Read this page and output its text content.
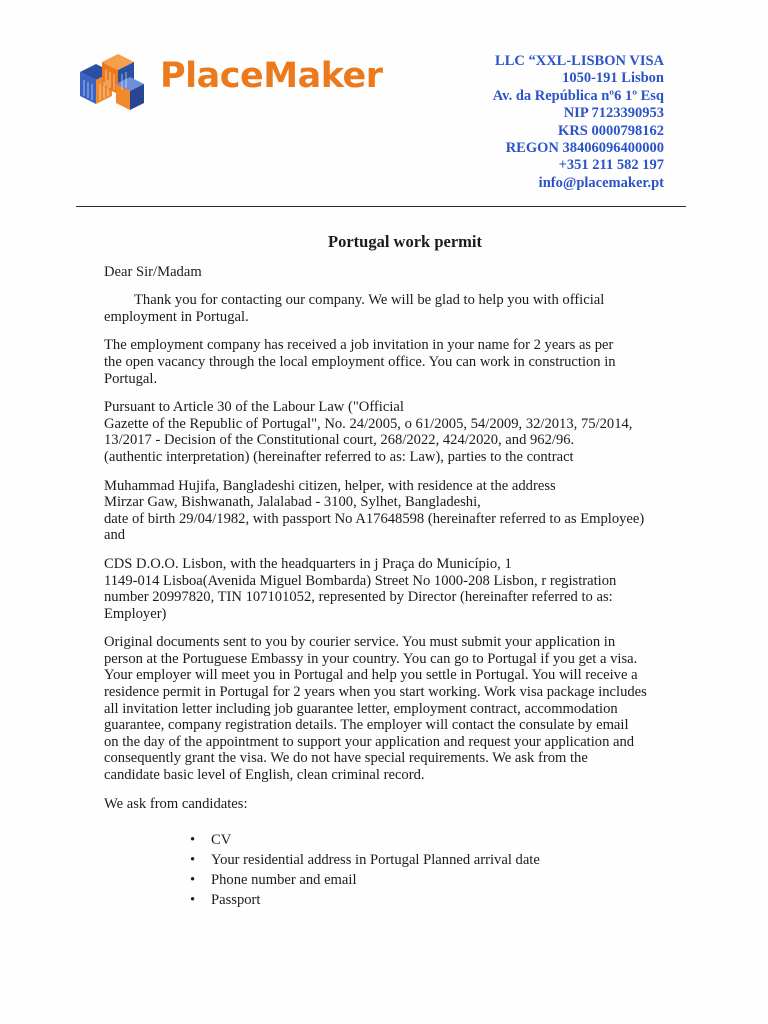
PlaceMaker	LLC “XXL-LISBON VISA
1050-191 Lisbon
Av. da República nº6 1º Esq
NIP 7123390953
KRS 0000798162
REGON 38406096400000
+351 211 582 197
info@placemaker.pt
Portugal work permit
Dear Sir/Madam
Thank you for contacting our company. We will be glad to help you with official
employment in Portugal.
The employment company has received a job invitation in your name for 2 years as per
the open vacancy through the local employment office. You can work in construction in
Portugal.
Pursuant to Article 30 of the Labour Law ("Official
Gazette of the Republic of Portugal", No. 24/2005, o 61/2005, 54/2009, 32/2013, 75/2014,
13/2017 - Decision of the Constitutional court, 268/2022, 424/2020, and 962/96.
(authentic interpretation) (hereinafter referred to as: Law), parties to the contract
Muhammad Hujifa, Bangladeshi citizen, helper, with residence at the address
Mirzar Gaw, Bishwanath, Jalalabad - 3100, Sylhet, Bangladeshi,
date of birth 29/04/1982, with passport No A17648598 (hereinafter referred to as Employee)
and
CDS D.O.O. Lisbon, with the headquarters in j Praça do Município, 1
1149-014 Lisboa(Avenida Miguel Bombarda) Street No 1000-208 Lisbon, r registration
number 20997820, TIN 107101052, represented by Director (hereinafter referred to as:
Employer)
Original documents sent to you by courier service. You must submit your application in
person at the Portuguese Embassy in your country. You can go to Portugal if you get a visa.
Your employer will meet you in Portugal and help you settle in Portugal. You will receive a
residence permit in Portugal for 2 years when you start working. Work visa package includes
all invitation letter including job guarantee letter, employment contract, accommodation
guarantee, company registration details. The employer will contact the consulate by email
on the day of the appointment to support your application and request your application and
consequently grant the visa. We do not have special requirements. We ask from the
candidate basic level of English, clean criminal record.
We ask from candidates:
• CV
• Your residential address in Portugal Planned arrival date
• Phone number and email
• Passport
